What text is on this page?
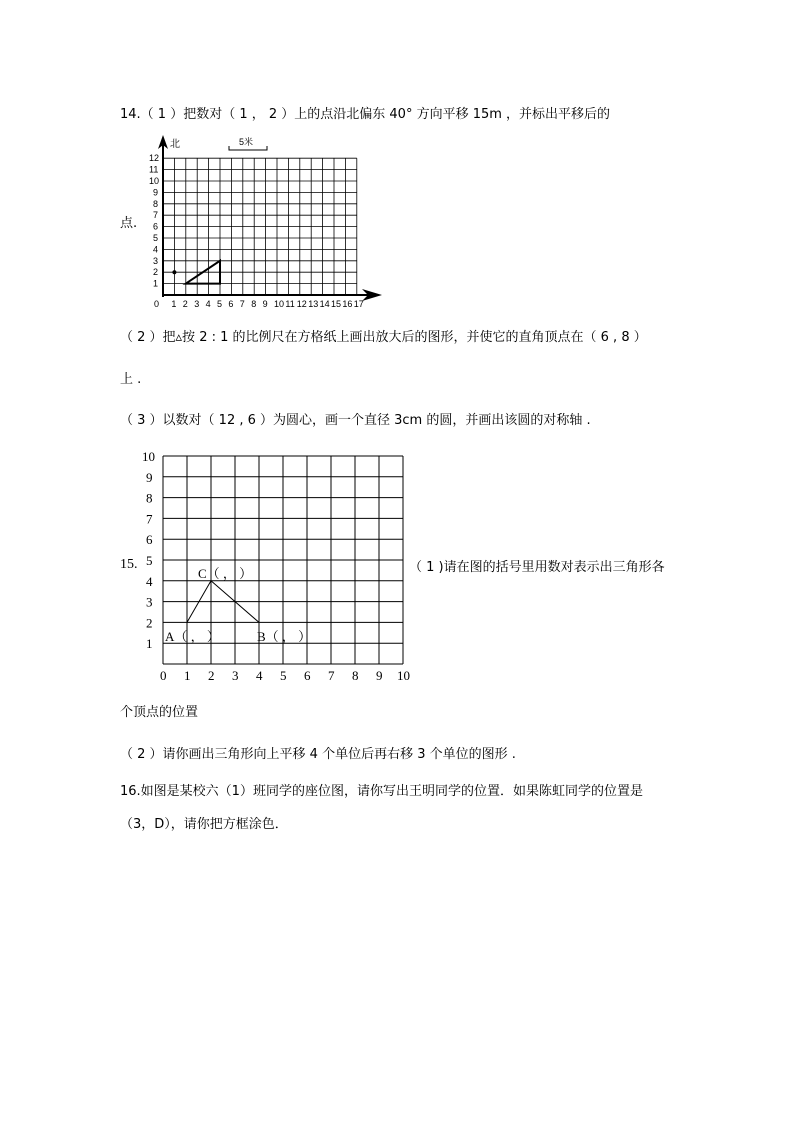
14.（ 1 ）把数对（ 1 ， 2 ）上的点沿北偏东 40° 方向平移 15m ，并标出平移后的
0 1 2 3 4 5 6 7 8 9 10 11 12 13 14 15 16 17
1
2
3
4
5
6
7
8
9
10
11
12
北	5米
点.
（ 2 ）把▵按 2 : 1 的比例尺在方格纸上画出放大后的图形，并使它的直角顶点在（ 6 , 8 ）
上 .
（ 3 ）以数对（ 12 , 6 ）为圆心，画一个直径 3cm 的圆，并画出该圆的对称轴 .
0 1 2 3 4 5 6 7 8 9 10
1
2
3
4
5
6
7
8
9
10
C（ ， ）
A（ ， ）	B（ ， ）
15.	（ 1 )请在图的括号里用数对表示出三角形各
个顶点的位置
（ 2 ）请你画出三角形向上平移 4 个单位后再右移 3 个单位的图形 .
16.如图是某校六（1）班同学的座位图，请你写出王明同学的位置．如果陈虹同学的位置是
（3，D），请你把方框涂色．
